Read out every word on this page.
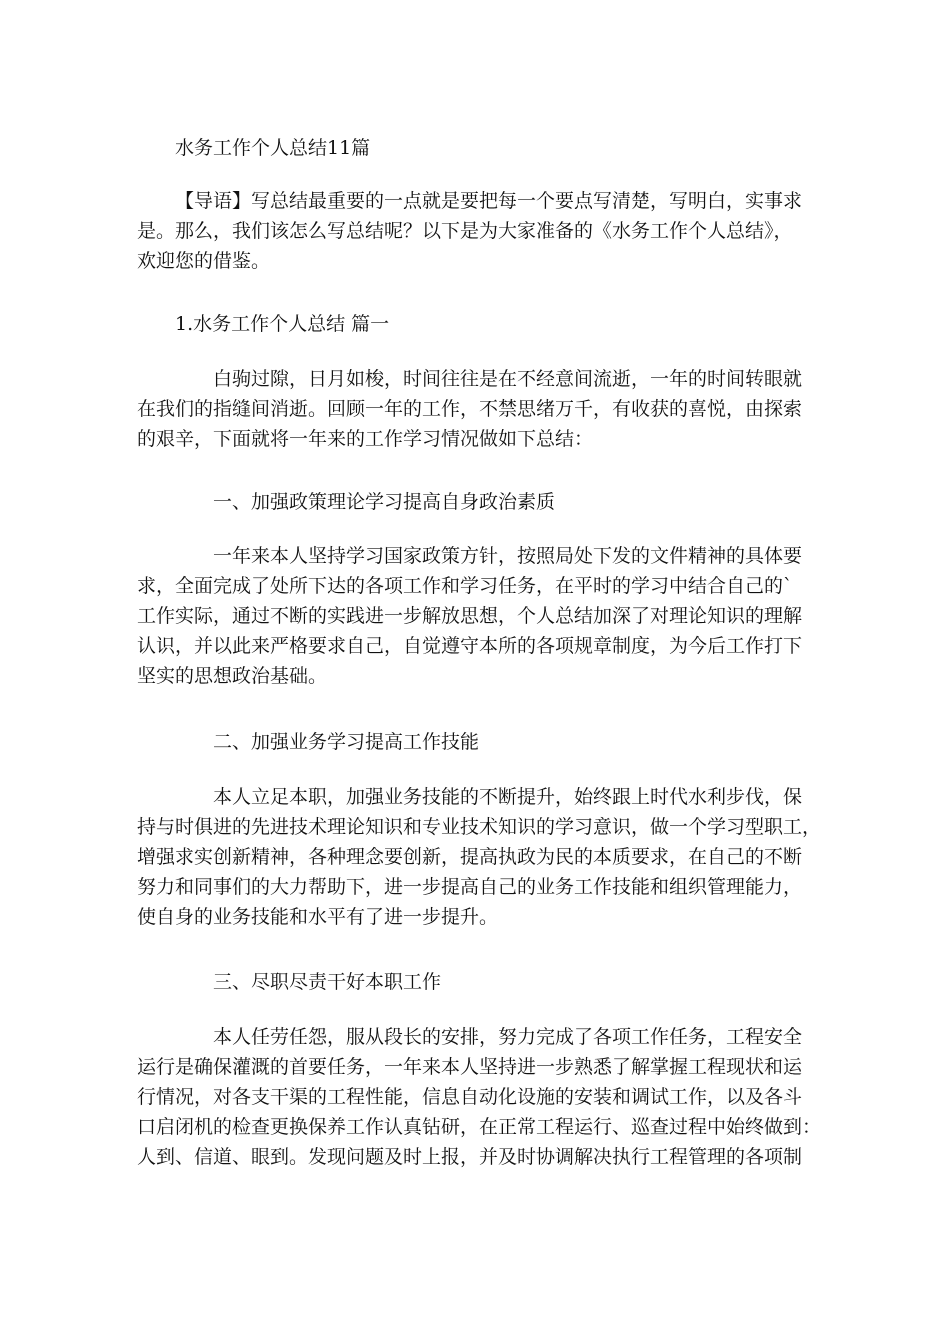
水务工作个人总结11篇

【导语】写总结最重要的一点就是要把每一个要点写清楚，写明白，实事求
是。那么，我们该怎么写总结呢？以下是为大家准备的《水务工作个人总结》，
欢迎您的借鉴。

1.水务工作个人总结 篇一

白驹过隙，日月如梭，时间往往是在不经意间流逝，一年的时间转眼就
在我们的指缝间消逝。回顾一年的工作，不禁思绪万千，有收获的喜悦，由探索
的艰辛，下面就将一年来的工作学习情况做如下总结：

一、加强政策理论学习提高自身政治素质

一年来本人坚持学习国家政策方针，按照局处下发的文件精神的具体要
求，全面完成了处所下达的各项工作和学习任务，在平时的学习中结合自己的`
工作实际，通过不断的实践进一步解放思想，个人总结加深了对理论知识的理解
认识，并以此来严格要求自己，自觉遵守本所的各项规章制度，为今后工作打下
坚实的思想政治基础。

二、加强业务学习提高工作技能

本人立足本职，加强业务技能的不断提升，始终跟上时代水利步伐，保
持与时俱进的先进技术理论知识和专业技术知识的学习意识，做一个学习型职工，
增强求实创新精神，各种理念要创新，提高执政为民的本质要求，在自己的不断
努力和同事们的大力帮助下，进一步提高自己的业务工作技能和组织管理能力，
使自身的业务技能和水平有了进一步提升。

三、尽职尽责干好本职工作

本人任劳任怨，服从段长的安排，努力完成了各项工作任务，工程安全
运行是确保灌溉的首要任务，一年来本人坚持进一步熟悉了解掌握工程现状和运
行情况，对各支干渠的工程性能，信息自动化设施的安装和调试工作，以及各斗
口启闭机的检查更换保养工作认真钻研，在正常工程运行、巡查过程中始终做到：
人到、信道、眼到。发现问题及时上报，并及时协调解决执行工程管理的各项制
